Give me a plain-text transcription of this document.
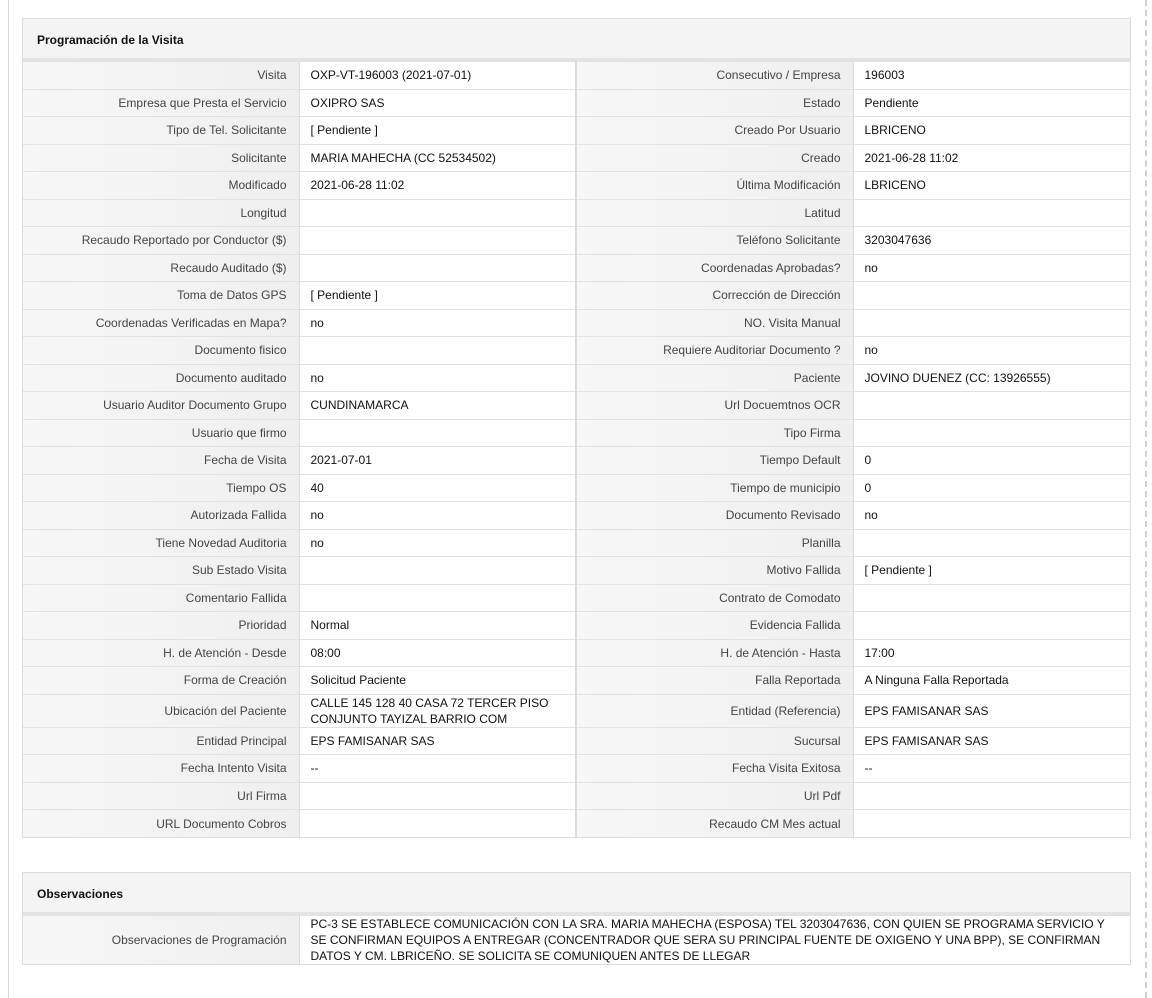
Programación de la Visita
Visita	OXP-VT-196003 (2021-07-01)	Consecutivo / Empresa	196003
Empresa que Presta el Servicio	OXIPRO SAS	Estado	Pendiente
Tipo de Tel. Solicitante	[ Pendiente ]	Creado Por Usuario	LBRICENO
Solicitante	MARIA MAHECHA (CC 52534502)	Creado	2021-06-28 11:02
Modificado	2021-06-28 11:02	Última Modificación	LBRICENO
Longitud		Latitud	
Recaudo Reportado por Conductor ($)		Teléfono Solicitante	3203047636
Recaudo Auditado ($)		Coordenadas Aprobadas?	no
Toma de Datos GPS	[ Pendiente ]	Corrección de Dirección	
Coordenadas Verificadas en Mapa?	no	NO. Visita Manual	
Documento fisico		Requiere Auditoriar Documento ?	no
Documento auditado	no	Paciente	JOVINO DUENEZ (CC: 13926555)
Usuario Auditor Documento Grupo	CUNDINAMARCA	Url Docuemtnos OCR	
Usuario que firmo		Tipo Firma	
Fecha de Visita	2021-07-01	Tiempo Default	0
Tiempo OS	40	Tiempo de municipio	0
Autorizada Fallida	no	Documento Revisado	no
Tiene Novedad Auditoria	no	Planilla	
Sub Estado Visita		Motivo Fallida	[ Pendiente ]
Comentario Fallida		Contrato de Comodato	
Prioridad	Normal	Evidencia Fallida	
H. de Atención - Desde	08:00	H. de Atención - Hasta	17:00
Forma de Creación	Solicitud Paciente	Falla Reportada	A Ninguna Falla Reportada
Ubicación del Paciente	CALLE 145 128 40 CASA 72 TERCER PISO CONJUNTO TAYIZAL BARRIO COM	Entidad (Referencia)	EPS FAMISANAR SAS
Entidad Principal	EPS FAMISANAR SAS	Sucursal	EPS FAMISANAR SAS
Fecha Intento Visita	--	Fecha Visita Exitosa	--
Url Firma		Url Pdf	
URL Documento Cobros		Recaudo CM Mes actual	
Observaciones
Observaciones de Programación	PC-3 SE ESTABLECE COMUNICACIÓN CON LA SRA. MARIA MAHECHA (ESPOSA) TEL 3203047636, CON QUIEN SE PROGRAMA SERVICIO Y SE CONFIRMAN EQUIPOS A ENTREGAR (CONCENTRADOR QUE SERA SU PRINCIPAL FUENTE DE OXIGENO Y UNA BPP), SE CONFIRMAN DATOS Y CM. LBRICEÑO. SE SOLICITA SE COMUNIQUEN ANTES DE LLEGAR
